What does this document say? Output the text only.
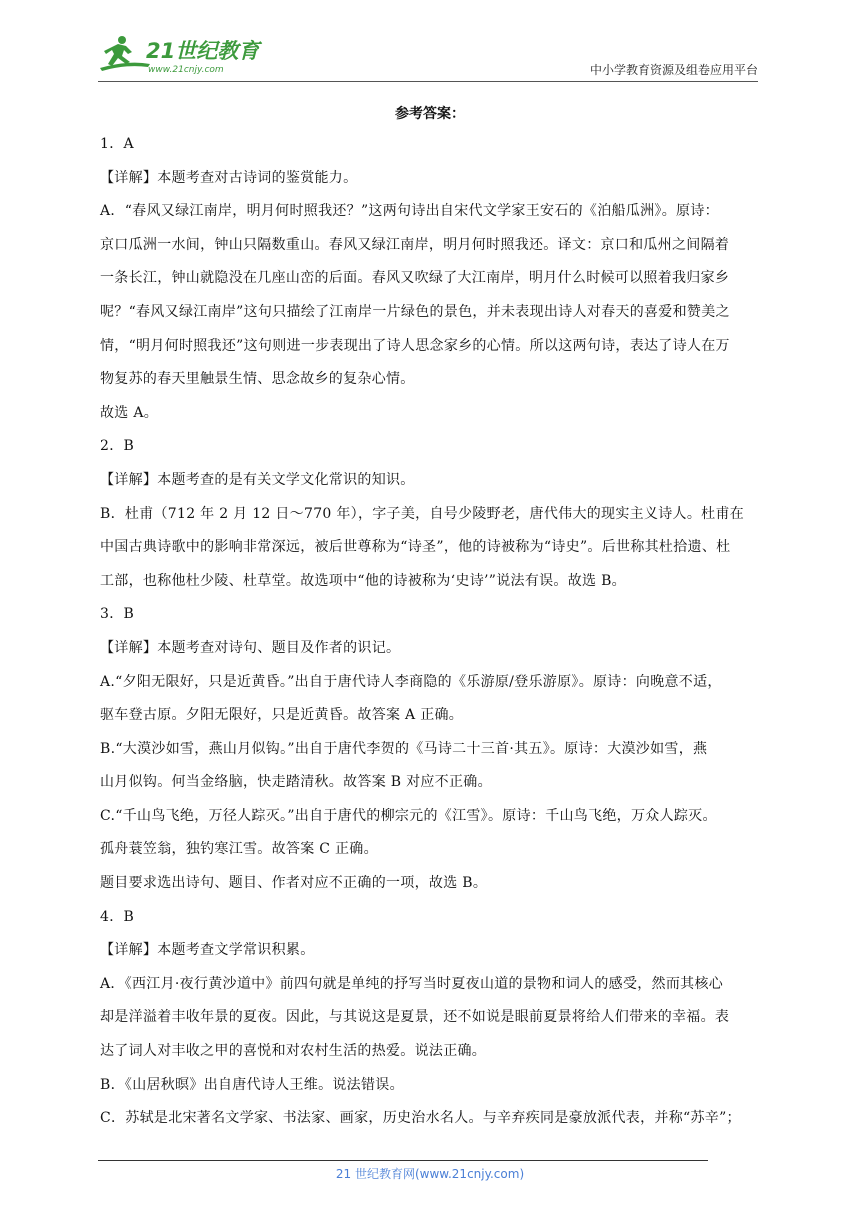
21世纪教育
www.21cnjy.com	中小学教育资源及组卷应用平台
参考答案：

1．A

【详解】本题考查对古诗词的鉴赏能力。

A．“春风又绿江南岸，明月何时照我还？”这两句诗出自宋代文学家王安石的《泊船瓜洲》。原诗：

京口瓜洲一水间，钟山只隔数重山。春风又绿江南岸，明月何时照我还。译文：京口和瓜州之间隔着

一条长江，钟山就隐没在几座山峦的后面。春风又吹绿了大江南岸，明月什么时候可以照着我归家乡

呢？“春风又绿江南岸”这句只描绘了江南岸一片绿色的景色，并未表现出诗人对春天的喜爱和赞美之

情，“明月何时照我还”这句则进一步表现出了诗人思念家乡的心情。所以这两句诗，表达了诗人在万

物复苏的春天里触景生情、思念故乡的复杂心情。

故选 A。

2．B

【详解】本题考查的是有关文学文化常识的知识。

B．杜甫（712 年 2 月 12 日～770 年），字子美，自号少陵野老，唐代伟大的现实主义诗人。杜甫在

中国古典诗歌中的影响非常深远，被后世尊称为“诗圣”，他的诗被称为“诗史”。后世称其杜拾遗、杜

工部，也称他杜少陵、杜草堂。故选项中“他的诗被称为‘史诗’”说法有误。故选 B。

3．B

【详解】本题考查对诗句、题目及作者的识记。

A.“夕阳无限好，只是近黄昏。”出自于唐代诗人李商隐的《乐游原/登乐游原》。原诗：向晚意不适，

驱车登古原。夕阳无限好，只是近黄昏。故答案 A 正确。

B.“大漠沙如雪，燕山月似钩。”出自于唐代李贺的《马诗二十三首·其五》。原诗：大漠沙如雪，燕

山月似钩。何当金络脑，快走踏清秋。故答案 B 对应不正确。

C.“千山鸟飞绝，万径人踪灭。”出自于唐代的柳宗元的《江雪》。原诗：千山鸟飞绝，万众人踪灭。

孤舟蓑笠翁，独钓寒江雪。故答案 C 正确。

题目要求选出诗句、题目、作者对应不正确的一项，故选 B。

4．B

【详解】本题考查文学常识积累。

A．《西江月·夜行黄沙道中》前四句就是单纯的抒写当时夏夜山道的景物和词人的感受，然而其核心

却是洋溢着丰收年景的夏夜。因此，与其说这是夏景，还不如说是眼前夏景将给人们带来的幸福。表

达了词人对丰收之甲的喜悦和对农村生活的热爱。说法正确。

B．《山居秋暝》出自唐代诗人王维。说法错误。

C．苏轼是北宋著名文学家、书法家、画家，历史治水名人。与辛弃疾同是豪放派代表，并称“苏辛”；

21 世纪教育网(www.21cnjy.com)
